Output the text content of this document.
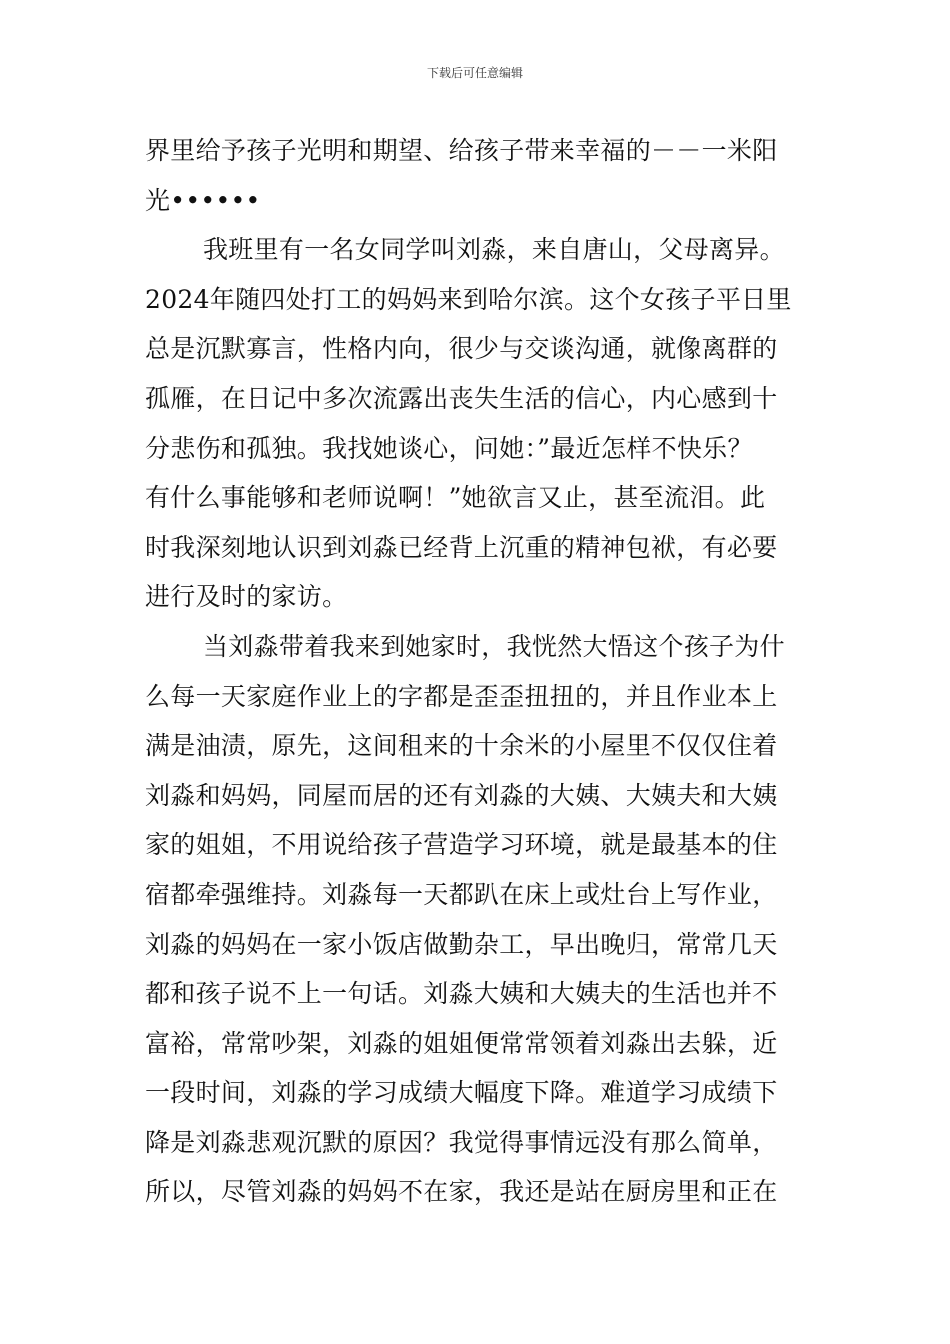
下载后可任意编辑
界里给予孩子光明和期望、给孩子带来幸福的－－一米阳
光••••••
我班里有一名女同学叫刘淼，来自唐山，父母离异。
2024年随四处打工的妈妈来到哈尔滨。这个女孩子平日里
总是沉默寡言，性格内向，很少与交谈沟通，就像离群的
孤雁，在日记中多次流露出丧失生活的信心，内心感到十
分悲伤和孤独。我找她谈心，问她：”最近怎样不快乐？
有什么事能够和老师说啊！”她欲言又止，甚至流泪。此
时我深刻地认识到刘淼已经背上沉重的精神包袱，有必要
进行及时的家访。
当刘淼带着我来到她家时，我恍然大悟这个孩子为什
么每一天家庭作业上的字都是歪歪扭扭的，并且作业本上
满是油渍，原先，这间租来的十余米的小屋里不仅仅住着
刘淼和妈妈，同屋而居的还有刘淼的大姨、大姨夫和大姨
家的姐姐，不用说给孩子营造学习环境，就是最基本的住
宿都牵强维持。刘淼每一天都趴在床上或灶台上写作业，
刘淼的妈妈在一家小饭店做勤杂工，早出晚归，常常几天
都和孩子说不上一句话。刘淼大姨和大姨夫的生活也并不
富裕，常常吵架，刘淼的姐姐便常常领着刘淼出去躲，近
一段时间，刘淼的学习成绩大幅度下降。难道学习成绩下
降是刘淼悲观沉默的原因？我觉得事情远没有那么简单，
所以，尽管刘淼的妈妈不在家，我还是站在厨房里和正在
